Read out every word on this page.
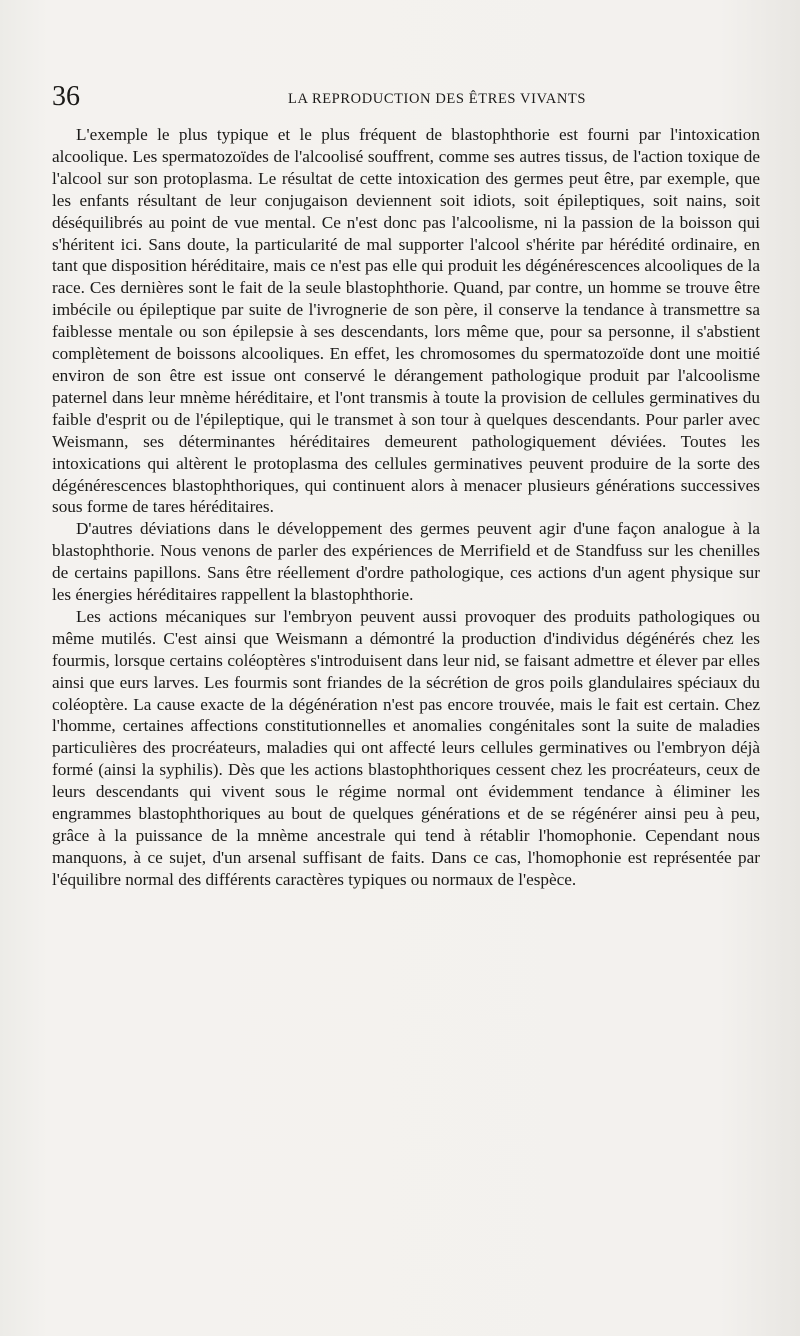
36	LA REPRODUCTION DES ÊTRES VIVANTS

L'exemple le plus typique et le plus fréquent de blastophthorie est fourni par l'intoxication alcoolique. Les spermatozoïdes de l'alcoolisé souffrent, comme ses autres tissus, de l'action toxique de l'alcool sur son protoplasma. Le résultat de cette intoxication des germes peut être, par exemple, que les enfants résultant de leur conjugaison deviennent soit idiots, soit épileptiques, soit nains, soit déséquilibrés au point de vue mental. Ce n'est donc pas l'alcoolisme, ni la passion de la boisson qui s'héritent ici. Sans doute, la particularité de mal supporter l'alcool s'hérite par hérédité ordinaire, en tant que disposition héréditaire, mais ce n'est pas elle qui produit les dégénérescences alcooliques de la race. Ces dernières sont le fait de la seule blastophthorie. Quand, par contre, un homme se trouve être imbécile ou épileptique par suite de l'ivrognerie de son père, il conserve la tendance à transmettre sa faiblesse mentale ou son épilepsie à ses descendants, lors même que, pour sa personne, il s'abstient complètement de boissons alcooliques. En effet, les chromosomes du spermatozoïde dont une moitié environ de son être est issue ont conservé le dérangement pathologique produit par l'alcoolisme paternel dans leur mnème héréditaire, et l'ont transmis à toute la provision de cellules germinatives du faible d'esprit ou de l'épileptique, qui le transmet à son tour à quelques descendants. Pour parler avec Weismann, ses déterminantes héréditaires demeurent pathologiquement déviées. Toutes les intoxications qui altèrent le protoplasma des cellules germinatives peuvent produire de la sorte des dégénérescences blastophthoriques, qui continuent alors à menacer plusieurs générations successives sous forme de tares héréditaires.

D'autres déviations dans le développement des germes peuvent agir d'une façon analogue à la blastophthorie. Nous venons de parler des expériences de Merrifield et de Standfuss sur les chenilles de certains papillons. Sans être réellement d'ordre pathologique, ces actions d'un agent physique sur les énergies héréditaires rappellent la blastophthorie.

Les actions mécaniques sur l'embryon peuvent aussi provoquer des produits pathologiques ou même mutilés. C'est ainsi que Weismann a démontré la production d'individus dégénérés chez les fourmis, lorsque certains coléoptères s'introduisent dans leur nid, se faisant admettre et élever par elles ainsi que eurs larves. Les fourmis sont friandes de la sécrétion de gros poils glandulaires spéciaux du coléoptère. La cause exacte de la dégénération n'est pas encore trouvée, mais le fait est certain. Chez l'homme, certaines affections constitutionnelles et anomalies congénitales sont la suite de maladies particulières des procréateurs, maladies qui ont affecté leurs cellules germinatives ou l'embryon déjà formé (ainsi la syphilis). Dès que les actions blastophthoriques cessent chez les procréateurs, ceux de leurs descendants qui vivent sous le régime normal ont évidemment tendance à éliminer les engrammes blastophthoriques au bout de quelques générations et de se régénérer ainsi peu à peu, grâce à la puissance de la mnème ancestrale qui tend à rétablir l'homophonie. Cependant nous manquons, à ce sujet, d'un arsenal suffisant de faits. Dans ce cas, l'homophonie est représentée par l'équilibre normal des différents caractères typiques ou normaux de l'espèce.
